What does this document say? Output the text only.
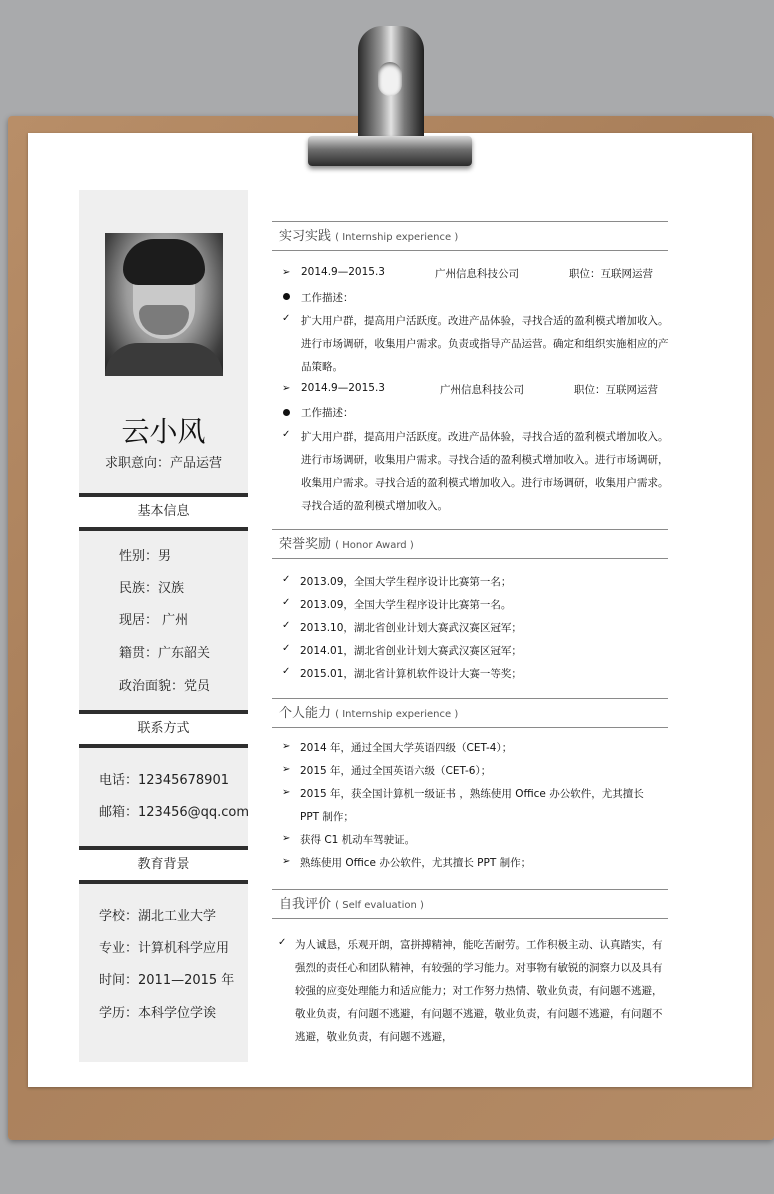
云小风
求职意向：产品运营
基本信息
性别：男
民族：汉族
现居： 广州
籍贯：广东韶关
政治面貌：党员
联系方式
电话：12345678901
邮箱：123456@qq.com
教育背景
学校：湖北工业大学
专业：计算机科学应用
时间：2011—2015 年
学历：本科学位学诶
实习实践 ( Internship experience )
➢ 2014.9—2015.3	广州信息科技公司	职位：互联网运营
工作描述：
✓ 扩大用户群，提高用户活跃度。改进产品体验，寻找合适的盈利模式增加收入。
进行市场调研，收集用户需求。负责或指导产品运营。确定和组织实施相应的产
品策略。
➢ 2014.9—2015.3	广州信息科技公司	职位：互联网运营
工作描述：
✓ 扩大用户群，提高用户活跃度。改进产品体验，寻找合适的盈利模式增加收入。
进行市场调研，收集用户需求。寻找合适的盈利模式增加收入。进行市场调研，
收集用户需求。寻找合适的盈利模式增加收入。进行市场调研，收集用户需求。
寻找合适的盈利模式增加收入。
荣誉奖励 ( Honor Award )
✓ 2013.09，全国大学生程序设计比赛第一名；
✓ 2013.09，全国大学生程序设计比赛第一名。
✓ 2013.10，湖北省创业计划大赛武汉赛区冠军；
✓ 2014.01，湖北省创业计划大赛武汉赛区冠军；
✓ 2015.01，湖北省计算机软件设计大赛一等奖；
个人能力 ( Internship experience )
➢ 2014 年，通过全国大学英语四级（CET-4）；
➢ 2015 年，通过全国英语六级（CET-6）；
➢ 2015 年，获全国计算机一级证书 ，熟练使用 Office 办公软件，尤其擅长
PPT 制作；
➢ 获得 C1 机动车驾驶证。
➢ 熟练使用 Office 办公软件，尤其擅长 PPT 制作；
自我评价 ( Self evaluation )
✓ 为人诚恳，乐观开朗，富拼搏精神，能吃苦耐劳。工作积极主动、认真踏实，有
强烈的责任心和团队精神，有较强的学习能力。对事物有敏锐的洞察力以及具有
较强的应变处理能力和适应能力；对工作努力热情、敬业负责，有问题不逃避，
敬业负责，有问题不逃避，有问题不逃避，敬业负责，有问题不逃避，有问题不
逃避，敬业负责，有问题不逃避，
